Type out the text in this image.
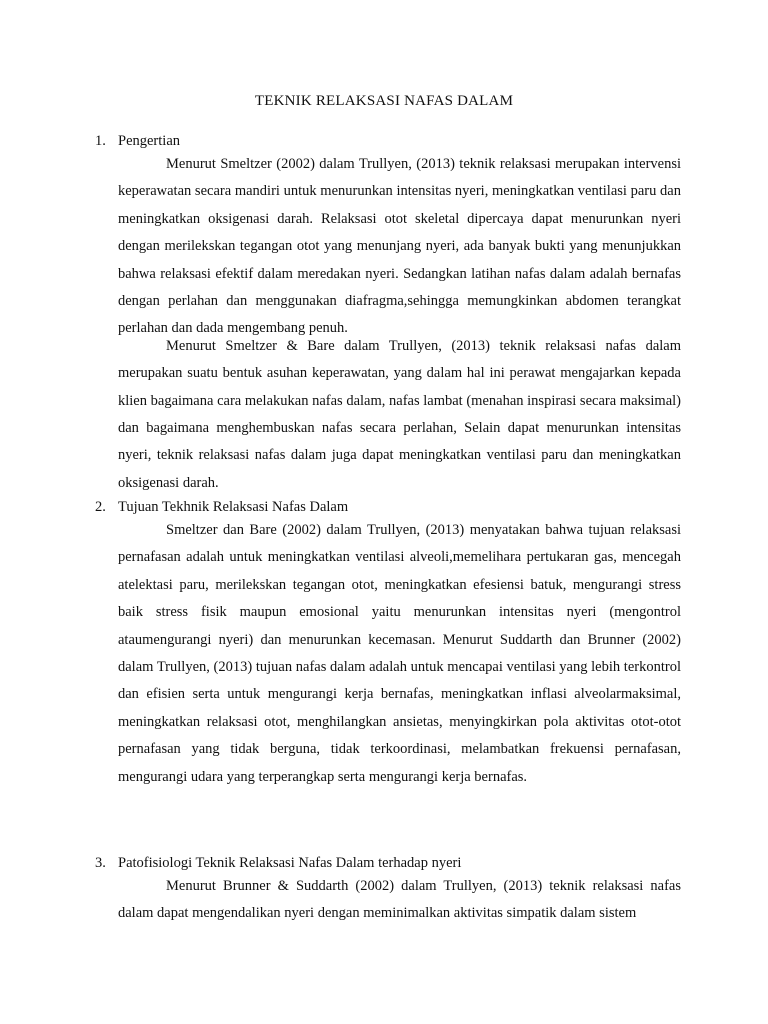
TEKNIK RELAKSASI NAFAS DALAM
1. Pengertian

Menurut Smeltzer (2002) dalam Trullyen, (2013) teknik relaksasi merupakan intervensi keperawatan secara mandiri untuk menurunkan intensitas nyeri, meningkatkan ventilasi paru dan meningkatkan oksigenasi darah. Relaksasi otot skeletal dipercaya dapat menurunkan nyeri dengan merilekskan tegangan otot yang menunjang nyeri, ada banyak bukti yang menunjukkan bahwa relaksasi efektif dalam meredakan nyeri. Sedangkan latihan nafas dalam adalah bernafas dengan perlahan dan menggunakan diafragma,sehingga memungkinkan abdomen terangkat perlahan dan dada mengembang penuh.

Menurut Smeltzer & Bare dalam Trullyen, (2013) teknik relaksasi nafas dalam merupakan suatu bentuk asuhan keperawatan, yang dalam hal ini perawat mengajarkan kepada klien bagaimana cara melakukan nafas dalam, nafas lambat (menahan inspirasi secara maksimal) dan bagaimana menghembuskan nafas secara perlahan, Selain dapat menurunkan intensitas nyeri, teknik relaksasi nafas dalam juga dapat meningkatkan ventilasi paru dan meningkatkan oksigenasi darah.

2. Tujuan Tekhnik Relaksasi Nafas Dalam

Smeltzer dan Bare (2002) dalam Trullyen, (2013) menyatakan bahwa tujuan relaksasi pernafasan adalah untuk meningkatkan ventilasi alveoli,memelihara pertukaran gas, mencegah atelektasi paru, merilekskan tegangan otot, meningkatkan efesiensi batuk, mengurangi stress baik stress fisik maupun emosional yaitu menurunkan intensitas nyeri (mengontrol ataumengurangi nyeri) dan menurunkan kecemasan. Menurut Suddarth dan Brunner (2002) dalam Trullyen, (2013) tujuan nafas dalam adalah untuk mencapai ventilasi yang lebih terkontrol dan efisien serta untuk mengurangi kerja bernafas, meningkatkan inflasi alveolarmaksimal, meningkatkan relaksasi otot, menghilangkan ansietas, menyingkirkan pola aktivitas otot-otot pernafasan yang tidak berguna, tidak terkoordinasi, melambatkan frekuensi pernafasan, mengurangi udara yang terperangkap serta mengurangi kerja bernafas.

3. Patofisiologi Teknik Relaksasi Nafas Dalam terhadap nyeri

Menurut Brunner & Suddarth (2002) dalam Trullyen, (2013) teknik relaksasi nafas dalam dapat mengendalikan nyeri dengan meminimalkan aktivitas simpatik dalam sistem
